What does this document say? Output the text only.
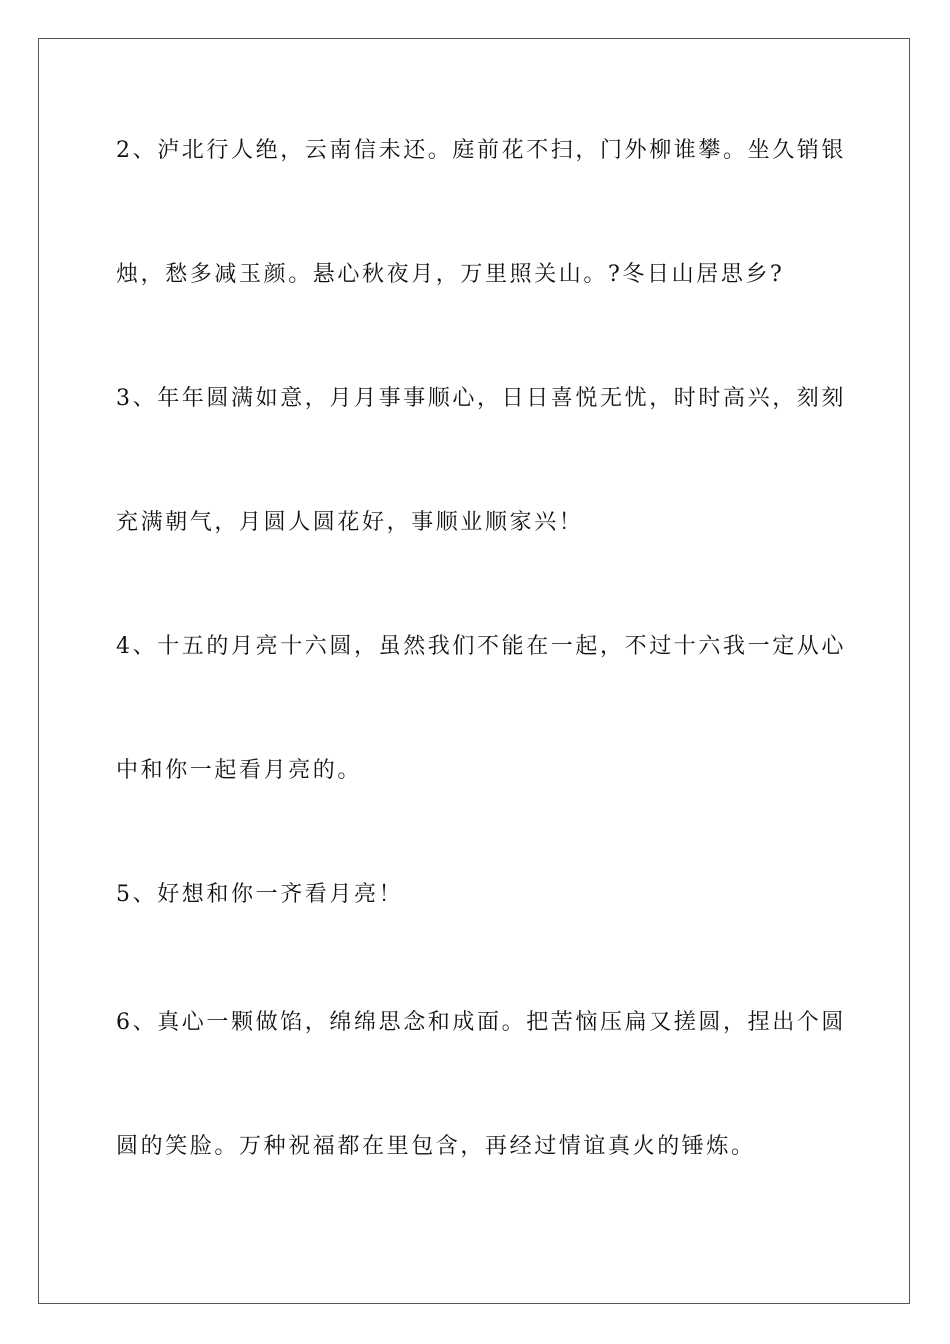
2、泸北行人绝，云南信未还。庭前花不扫，门外柳谁攀。坐久销银
烛，愁多减玉颜。悬心秋夜月，万里照关山。?冬日山居思乡?
3、年年圆满如意，月月事事顺心，日日喜悦无忧，时时高兴，刻刻
充满朝气，月圆人圆花好，事顺业顺家兴！
4、十五的月亮十六圆，虽然我们不能在一起，不过十六我一定从心
中和你一起看月亮的。
5、好想和你一齐看月亮！
6、真心一颗做馅，绵绵思念和成面。把苦恼压扁又搓圆，捏出个圆
圆的笑脸。万种祝福都在里包含，再经过情谊真火的锤炼。
